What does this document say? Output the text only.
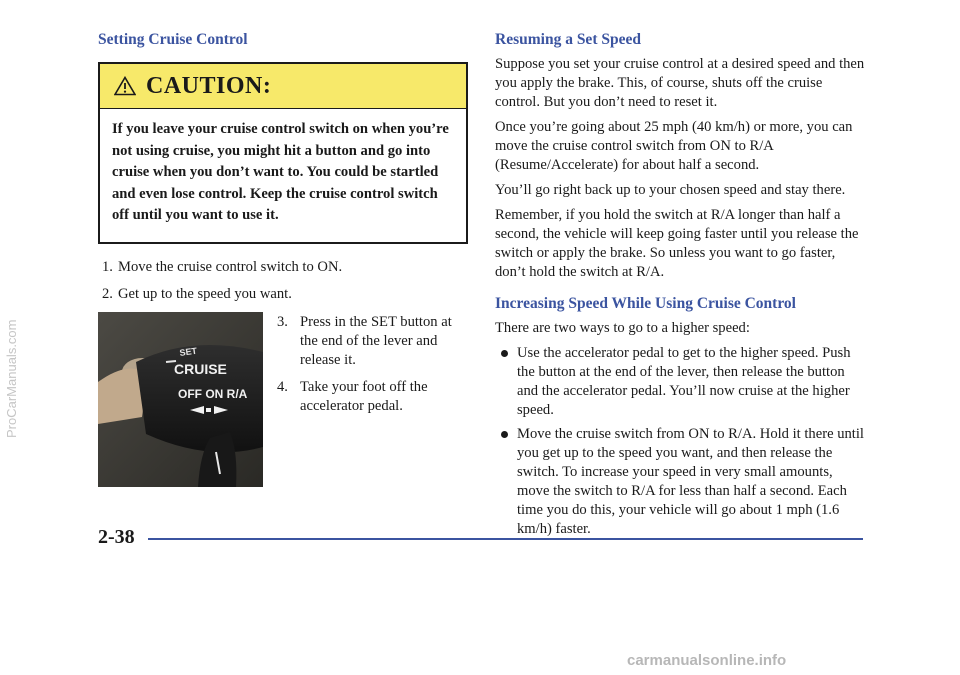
Setting Cruise Control
CAUTION:
If you leave your cruise control switch on when you’re not using cruise, you might hit a button and go into cruise when you don’t want to. You could be startled and even lose control. Keep the cruise control switch off until you want to use it.
1. Move the cruise control switch to ON.
2. Get up to the speed you want.
SET
CRUISE
OFF ON R/A
3. Press in the SET button at the end of the lever and release it.
4. Take your foot off the accelerator pedal.
Resuming a Set Speed

Suppose you set your cruise control at a desired speed and then you apply the brake. This, of course, shuts off the cruise control. But you don’t need to reset it.

Once you’re going about 25 mph (40 km/h) or more, you can move the cruise control switch from ON to R/A (Resume/Accelerate) for about half a second.

You’ll go right back up to your chosen speed and stay there.

Remember, if you hold the switch at R/A longer than half a second, the vehicle will keep going faster until you release the switch or apply the brake. So unless you want to go faster, don’t hold the switch at R/A.

Increasing Speed While Using Cruise Control

There are two ways to go to a higher speed:

Use the accelerator pedal to get to the higher speed. Push the button at the end of the lever, then release the button and the accelerator pedal. You’ll now cruise at the higher speed.
Move the cruise switch from ON to R/A. Hold it there until you get up to the speed you want, and then release the switch. To increase your speed in very small amounts, move the switch to R/A for less than half a second. Each time you do this, your vehicle will go about 1 mph (1.6 km/h) faster.
2-38
ProCarManuals.com
carmanualsonline.info
